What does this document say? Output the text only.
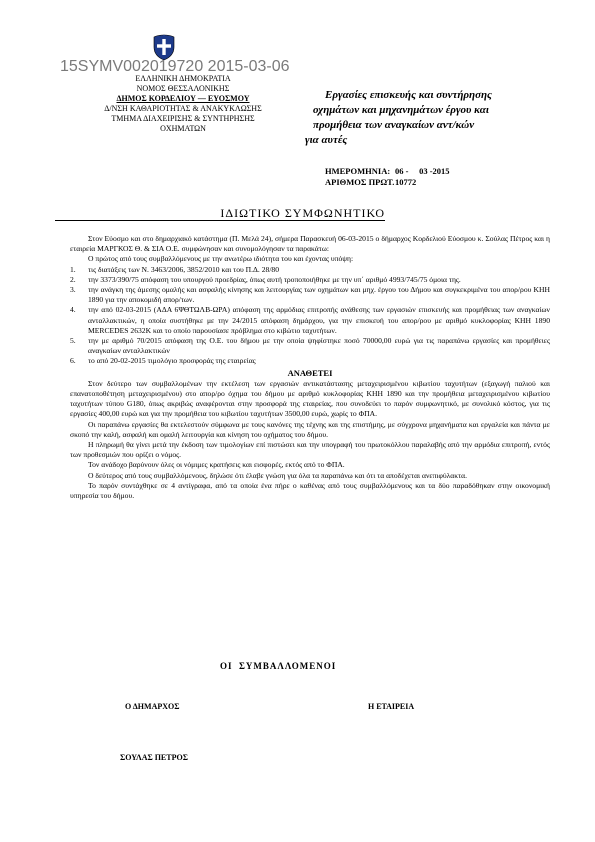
15SYMV002019720 2015-03-06
ΕΛΛΗΝΙΚΗ ΔΗΜΟΚΡΑΤΙΑ
ΝΟΜΟΣ ΘΕΣΣΑΛΟΝΙΚΗΣ
ΔΗΜΟΣ ΚΟΡΔΕΛΙΟΥ — ΕΥΟΣΜΟΥ
Δ/ΝΣΗ ΚΑΘΑΡΙΟΤΗΤΑΣ & ΑΝΑΚΥΚΛΩΣΗΣ
ΤΜΗΜΑ ΔΙΑΧΕΙΡΙΣΗΣ & ΣΥΝΤΗΡΗΣΗΣ
ΟΧΗΜΑΤΩΝ
Εργασίες επισκευής και συντήρησης
οχημάτων και μηχανημάτων έργου και
προμήθεια των αναγκαίων αντ/κών
για αυτές
ΗΜΕΡΟΜΗΝΙΑ: 06 -     03 -2015
ΑΡΙΘΜΟΣ ΠΡΩΤ.10772
ΙΔΙΩΤΙΚΟ ΣΥΜΦΩΝΗΤΙΚΟ

Στον Εύοσμο και στο δημαρχιακό κατάστημα (Π. Μελά 24), σήμερα Παρασκευή 06-03-2015 ο δήμαρχος Κορδελιού Εύοσμου κ. Σούλας Πέτρος και η εταιρεία ΜΑΡΓΚΟΣ Θ. & ΣΙΑ Ο.Ε. συμφώνησαν και συνομολόγησαν τα παρακάτω:

Ο πρώτος από τους συμβαλλόμενους με την ανωτέρω ιδιότητα του και έχοντας υπόψη:

1. τις διατάξεις των Ν. 3463/2006, 3852/2010 και του Π.Δ. 28/80
2. την 3373/390/75 απόφαση του υπουργού προεδρίας, όπως αυτή τροποποιήθηκε με την υπ΄ αριθμό 4993/745/75 όμοια της.
3. την ανάγκη της άμεσης ομαλής και ασφαλής κίνησης και λειτουργίας των οχημάτων και μηχ. έργου του Δήμου και συγκεκριμένα του απορ/ρου ΚΗΗ 1890 για την αποκομιδή απορ/των.
4. την από 02-03-2015 (ΑΔΑ 6ΨΘΤΩΛΒ-ΩΡΑ) απόφαση της αρμόδιας επιτροπής ανάθεσης των εργασιών επισκευής και προμήθειας των αναγκαίων ανταλλακτικών, η οποία συστήθηκε με την 24/2015 απόφαση δημάρχου, για την επισκευή του απορ/ρου με αριθμό κυκλοφορίας ΚΗΗ 1890 MERCEDES 2632K και το οποίο παρουσίασε πρόβλημα στο κιβώτιο ταχυτήτων.
5. την με αριθμό 70/2015 απόφαση της Ο.Ε. του δήμου με την οποία ψηφίστηκε ποσό 70000,00 ευρώ για τις παραπάνω εργασίες και προμήθειες αναγκαίων ανταλλακτικών
6. το από 20-02-2015 τιμολόγιο προσφοράς της εταιρείας
ΑΝΑΘΕΤΕΙ

Στον δεύτερο των συμβαλλομένων την εκτέλεση των εργασιών αντικατάστασης μεταχειρισμένου κιβωτίου ταχυτήτων (εξαγωγή παλιού και επανατοποθέτηση μεταχειρισμένου) στο απορ/ρο όχημα του δήμου με αριθμό κυκλοφορίας ΚΗΗ 1890 και την προμήθεια μεταχειρισμένου κιβωτίου ταχυτήτων τύπου G180, όπως ακριβώς αναφέρονται στην προσφορά της εταιρείας, που συνοδεύει το παρόν συμφωνητικό, με συνολικό κόστος, για τις εργασίες 400,00 ευρώ και για την προμήθεια του κιβωτίου ταχυτήτων 3500,00 ευρώ, χωρίς το ΦΠΑ.

Οι παραπάνω εργασίες θα εκτελεστούν σύμφωνα με τους κανόνες της τέχνης και της επιστήμης, με σύγχρονα μηχανήματα και εργαλεία και πάντα με σκοπό την καλή, ασφαλή και ομαλή λειτουργία και κίνηση του οχήματος του δήμου.

Η πληρωμή θα γίνει μετά την έκδοση των τιμολογίων επί πιστώσει και την υπογραφή του πρωτοκόλλου παραλαβής από την αρμόδια επιτροπή, εντός των προθεσμιών που ορίζει ο νόμος.

Τον ανάδοχο βαρύνουν όλες οι νόμιμες κρατήσεις και εισφορές, εκτός από το ΦΠΑ.

Ο δεύτερος από τους συμβαλλόμενους, δηλώσε ότι έλαβε γνώση για όλα τα παραπάνω και ότι τα αποδέχεται ανεπιφύλακτα.

Το παρόν συντάχθηκε σε 4 αντίγραφα, από τα οποία ένα πήρε ο καθένας από τους συμβαλλόμενους και τα δύο παραδόθηκαν στην οικονομική υπηρεσία του δήμου.

ΟΙ  ΣΥΜΒΑΛΛΟΜΕΝΟΙ
Ο ΔΗΜΑΡΧΟΣ	Η ΕΤΑΙΡΕΙΑ
ΣΟΥΛΑΣ ΠΕΤΡΟΣ
